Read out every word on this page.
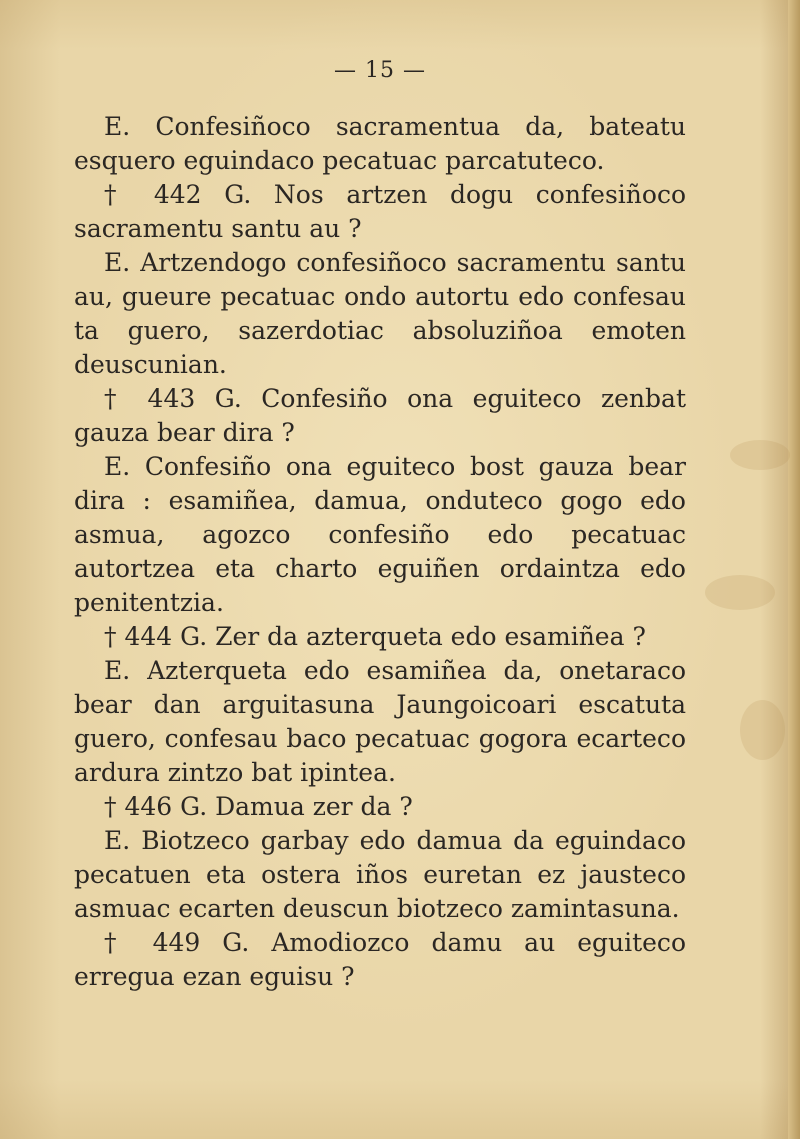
— 15 —

E. Confesiñoco sacramentua da, bateatu esquero eguindaco pecatuac parcatuteco.

† 442 G. Nos artzen dogu confesiñoco sacramentu santu au ?

E. Artzendogo confesiñoco sacramentu santu au, gueure pecatuac ondo autortu edo confesau ta guero, sazerdotiac absoluziñoa emoten deuscunian.

† 443 G. Confesiño ona eguiteco zenbat gauza bear dira ?

E. Confesiño ona eguiteco bost gauza bear dira : esamiñea, damua, onduteco gogo edo asmua, agozco confesiño edo pecatuac autortzea eta charto eguiñen ordaintza edo penitentzia.

† 444 G. Zer da azterqueta edo esamiñea ?

E. Azterqueta edo esamiñea da, onetaraco bear dan arguitasuna Jaungoicoari escatuta guero, confesau baco pecatuac gogora ecarteco ardura zintzo bat ipintea.

† 446 G. Damua zer da ?

E. Biotzeco garbay edo damua da eguindaco pecatuen eta ostera iños euretan ez jausteco asmuac ecarten deuscun biotzeco zamintasuna.

† 449 G. Amodiozco damu au eguiteco erregua ezan eguisu ?
